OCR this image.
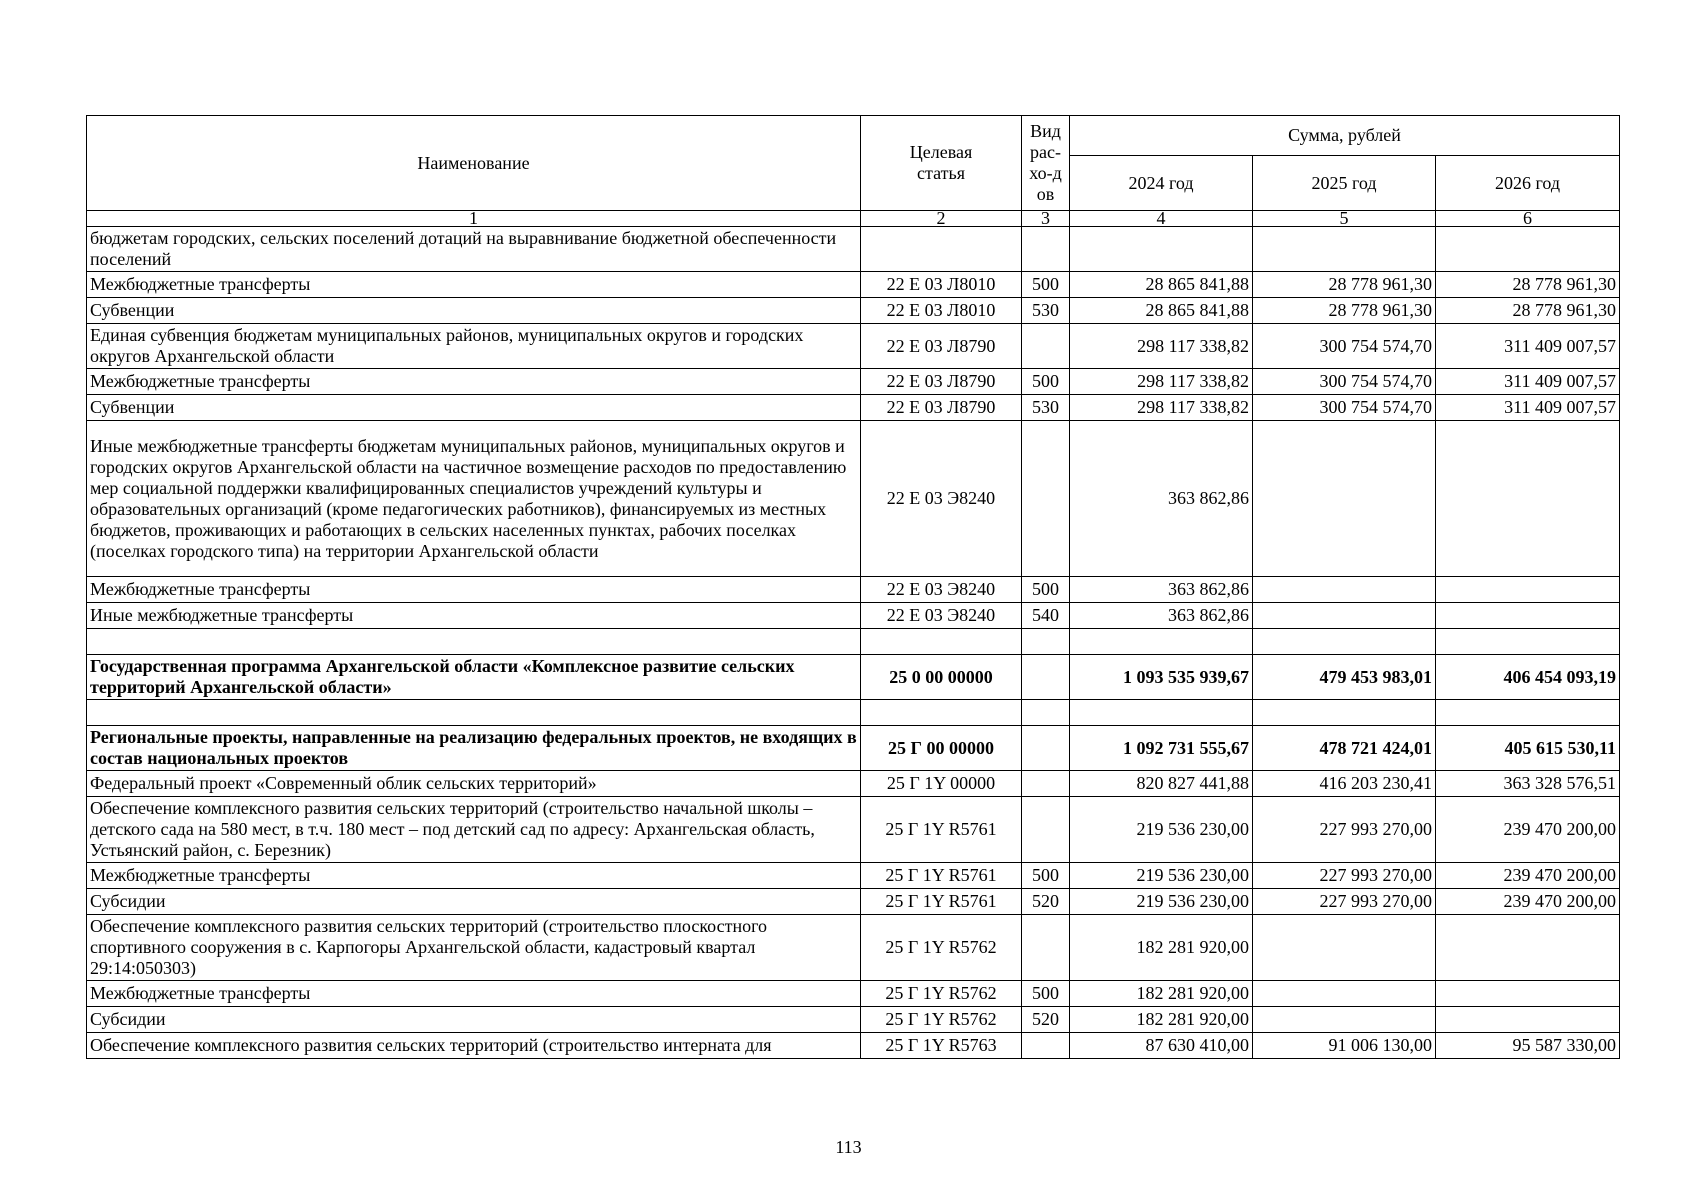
Наименование	Целевая статья	Вид рас-хо-дов	Сумма, рублей		
			2024 год	2025 год	2026 год
1	2	3	4	5	6
бюджетам городских, сельских поселений дотаций на выравнивание бюджетной обеспеченности поселений					
Межбюджетные трансферты	22 Е 03 Л8010	500	28 865 841,88	28 778 961,30	28 778 961,30
Субвенции	22 Е 03 Л8010	530	28 865 841,88	28 778 961,30	28 778 961,30
Единая субвенция бюджетам муниципальных районов, муниципальных округов и городских округов Архангельской области	22 Е 03 Л8790		298 117 338,82	300 754 574,70	311 409 007,57
Межбюджетные трансферты	22 Е 03 Л8790	500	298 117 338,82	300 754 574,70	311 409 007,57
Субвенции	22 Е 03 Л8790	530	298 117 338,82	300 754 574,70	311 409 007,57
Иные межбюджетные трансферты бюджетам муниципальных районов, муниципальных округов и городских округов Архангельской области на частичное возмещение расходов по предоставлению мер социальной поддержки квалифицированных специалистов учреждений культуры и образовательных организаций (кроме педагогических работников), финансируемых из местных бюджетов, проживающих и работающих в сельских населенных пунктах, рабочих поселках (поселках городского типа) на территории Архангельской области	22 Е 03 Э8240		363 862,86		
Межбюджетные трансферты	22 Е 03 Э8240	500	363 862,86		
Иные межбюджетные трансферты	22 Е 03 Э8240	540	363 862,86		

Государственная программа Архангельской области «Комплексное развитие сельских территорий Архангельской области»	25 0 00 00000		1 093 535 939,67	479 453 983,01	406 454 093,19

Региональные проекты, направленные на реализацию федеральных проектов, не входящих в состав национальных проектов	25 Г 00 00000		1 092 731 555,67	478 721 424,01	405 615 530,11
Федеральный проект «Современный облик сельских территорий»	25 Г 1Y 00000		820 827 441,88	416 203 230,41	363 328 576,51
Обеспечение комплексного развития сельских территорий (строительство начальной школы – детского сада на 580 мест, в т.ч. 180 мест – под детский сад по адресу: Архангельская область, Устьянский район, с. Березник)	25 Г 1Y R5761		219 536 230,00	227 993 270,00	239 470 200,00
Межбюджетные трансферты	25 Г 1Y R5761	500	219 536 230,00	227 993 270,00	239 470 200,00
Субсидии	25 Г 1Y R5761	520	219 536 230,00	227 993 270,00	239 470 200,00
Обеспечение комплексного развития сельских территорий (строительство плоскостного спортивного сооружения в с. Карпогоры Архангельской области, кадастровый квартал 29:14:050303)	25 Г 1Y R5762		182 281 920,00		
Межбюджетные трансферты	25 Г 1Y R5762	500	182 281 920,00		
Субсидии	25 Г 1Y R5762	520	182 281 920,00		
Обеспечение комплексного развития сельских территорий (строительство интерната для	25 Г 1Y R5763		87 630 410,00	91 006 130,00	95 587 330,00
113
